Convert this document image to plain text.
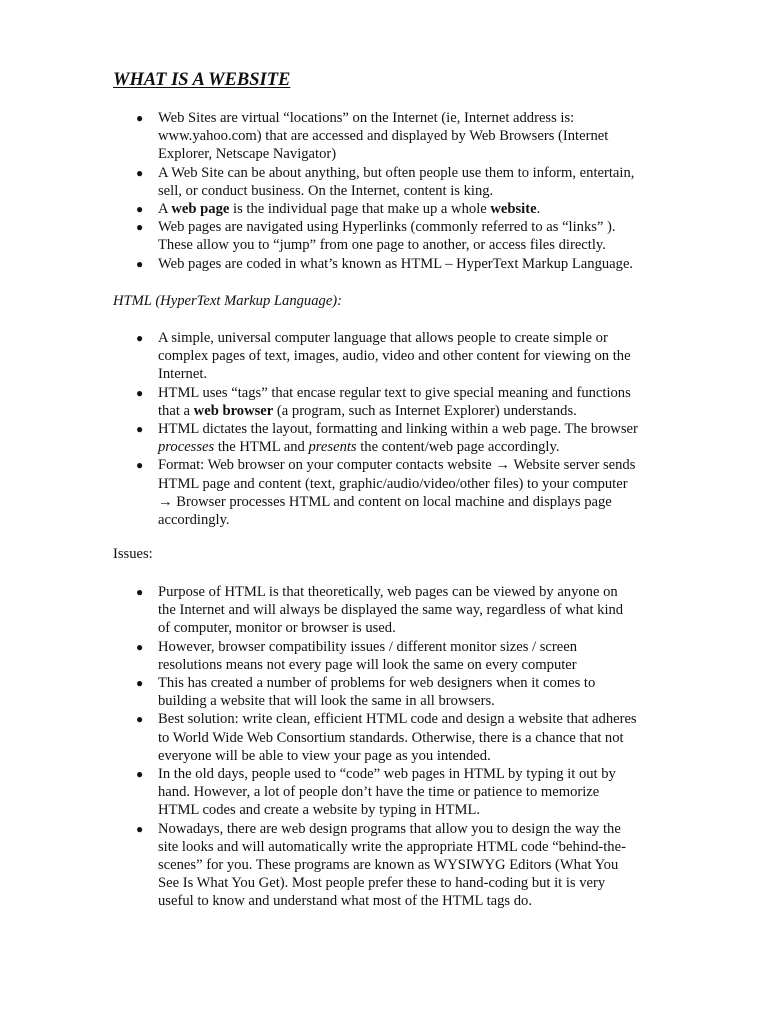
WHAT IS A WEBSITE
● Web Sites are virtual “locations” on the Internet (ie, Internet address is:
www.yahoo.com) that are accessed and displayed by Web Browsers (Internet
Explorer, Netscape Navigator)
● A Web Site can be about anything, but often people use them to inform, entertain,
sell, or conduct business. On the Internet, content is king.
● A web page is the individual page that make up a whole website.
● Web pages are navigated using Hyperlinks (commonly referred to as “links” ).
These allow you to “jump” from one page to another, or access files directly.
● Web pages are coded in what’s known as HTML – HyperText Markup Language.

HTML (HyperText Markup Language):

● A simple, universal computer language that allows people to create simple or
complex pages of text, images, audio, video and other content for viewing on the
Internet.
● HTML uses “tags” that encase regular text to give special meaning and functions
that a web browser (a program, such as Internet Explorer) understands.
● HTML dictates the layout, formatting and linking within a web page. The browser
processes the HTML and presents the content/web page accordingly.
● Format: Web browser on your computer contacts website → Website server sends
HTML page and content (text, graphic/audio/video/other files) to your computer
→ Browser processes HTML and content on local machine and displays page
accordingly.

Issues:

● Purpose of HTML is that theoretically, web pages can be viewed by anyone on
the Internet and will always be displayed the same way, regardless of what kind
of computer, monitor or browser is used.
● However, browser compatibility issues / different monitor sizes / screen
resolutions means not every page will look the same on every computer
● This has created a number of problems for web designers when it comes to
building a website that will look the same in all browsers.
● Best solution: write clean, efficient HTML code and design a website that adheres
to World Wide Web Consortium standards. Otherwise, there is a chance that not
everyone will be able to view your page as you intended.
● In the old days, people used to “code” web pages in HTML by typing it out by
hand. However, a lot of people don’t have the time or patience to memorize
HTML codes and create a website by typing in HTML.
● Nowadays, there are web design programs that allow you to design the way the
site looks and will automatically write the appropriate HTML code “behind-the-
scenes” for you. These programs are known as WYSIWYG Editors (What You
See Is What You Get). Most people prefer these to hand-coding but it is very
useful to know and understand what most of the HTML tags do.
